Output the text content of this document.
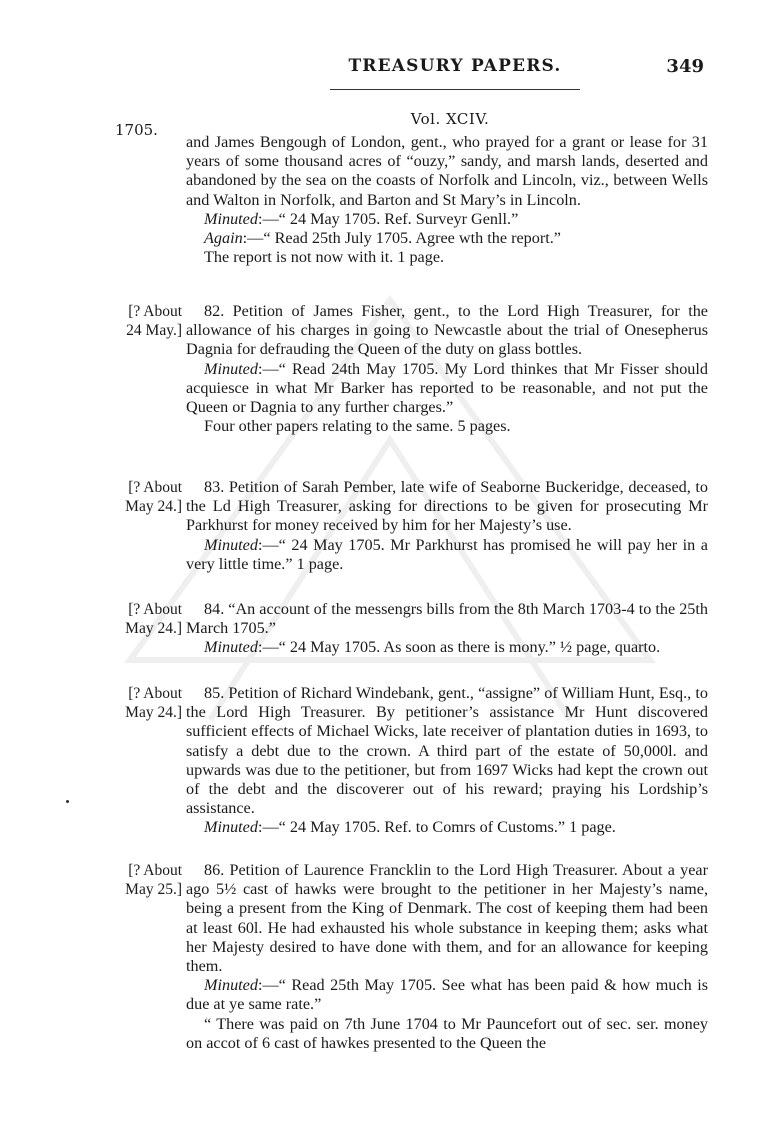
TREASURY PAPERS.	349
Vol. XCIV.
1705.

and James Bengough of London, gent., who prayed for a grant or lease for 31 years of some thousand acres of “ouzy,” sandy, and marsh lands, deserted and abandoned by the sea on the coasts of Norfolk and Lincoln, viz., between Wells and Walton in Norfolk, and Barton and St Mary’s in Lincoln.

Minuted:—“ 24 May 1705. Ref. Surveyr Genll.”

Again:—“ Read 25th July 1705. Agree wth the report.”

The report is not now with it. 1 page.

[? About
24 May.]

82. Petition of James Fisher, gent., to the Lord High Treasurer, for the allowance of his charges in going to Newcastle about the trial of Onesepherus Dagnia for defrauding the Queen of the duty on glass bottles.

Minuted:—“ Read 24th May 1705. My Lord thinkes that Mr Fisser should acquiesce in what Mr Barker has reported to be reasonable, and not put the Queen or Dagnia to any further charges.”

Four other papers relating to the same. 5 pages.

[? About
May 24.]

83. Petition of Sarah Pember, late wife of Seaborne Buckeridge, deceased, to the Ld High Treasurer, asking for directions to be given for prosecuting Mr Parkhurst for money received by him for her Majesty’s use.

Minuted:—“ 24 May 1705. Mr Parkhurst has promised he will pay her in a very little time.” 1 page.

[? About
May 24.]

84. “An account of the messengrs bills from the 8th March 1703-4 to the 25th March 1705.”

Minuted:—“ 24 May 1705. As soon as there is mony.” ½ page, quarto.

[? About
May 24.]

85. Petition of Richard Windebank, gent., “assigne” of William Hunt, Esq., to the Lord High Treasurer. By petitioner’s assistance Mr Hunt discovered sufficient effects of Michael Wicks, late receiver of plantation duties in 1693, to satisfy a debt due to the crown. A third part of the estate of 50,000l. and upwards was due to the petitioner, but from 1697 Wicks had kept the crown out of the debt and the discoverer out of his reward; praying his Lordship’s assistance.

Minuted:—“ 24 May 1705. Ref. to Comrs of Customs.” 1 page.

[? About
May 25.]

86. Petition of Laurence Francklin to the Lord High Treasurer. About a year ago 5½ cast of hawks were brought to the petitioner in her Majesty’s name, being a present from the King of Denmark. The cost of keeping them had been at least 60l. He had exhausted his whole substance in keeping them; asks what her Majesty desired to have done with them, and for an allowance for keeping them.

Minuted:—“ Read 25th May 1705. See what has been paid & how much is due at ye same rate.”

“ There was paid on 7th June 1704 to Mr Pauncefort out of sec. ser. money on accot of 6 cast of hawkes presented to the Queen the
